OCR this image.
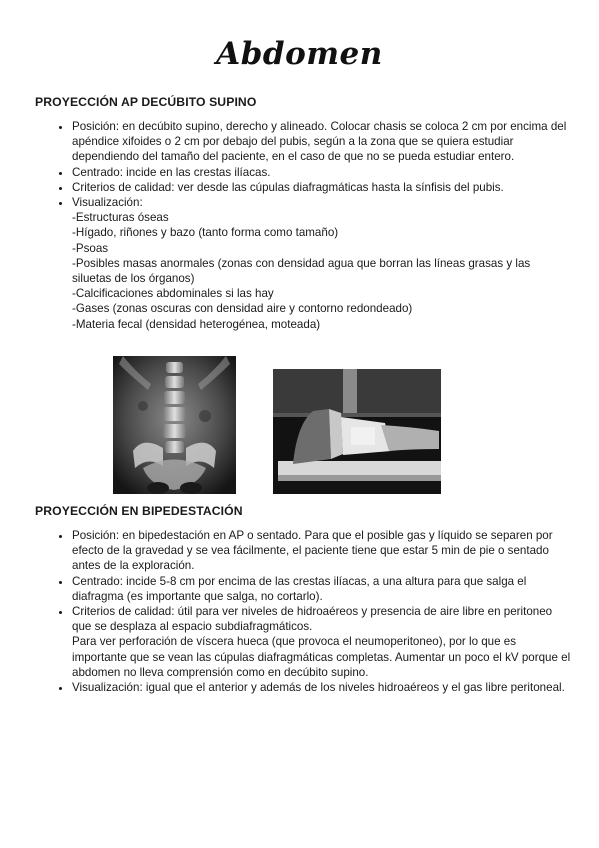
Abdomen
PROYECCIÓN AP DECÚBITO SUPINO
• Posición: en decúbito supino, derecho y alineado. Colocar chasis se coloca 2 cm por encima del apéndice xifoides o 2 cm por debajo del pubis, según a la zona que se quiera estudiar dependiendo del tamaño del paciente, en el caso de que no se pueda estudiar entero.
• Centrado: incide en las crestas ilíacas.
• Criterios de calidad: ver desde las cúpulas diafragmáticas hasta la sínfisis del pubis.
• Visualización:
-Estructuras óseas
-Hígado, riñones y bazo (tanto forma como tamaño)
-Psoas
-Posibles masas anormales (zonas con densidad agua que borran las líneas grasas y las siluetas de los órganos)
-Calcificaciones abdominales si las hay
-Gases (zonas oscuras con densidad aire y contorno redondeado)
-Materia fecal (densidad heterogénea, moteada)
PROYECCIÓN EN BIPEDESTACIÓN
• Posición: en bipedestación en AP o sentado. Para que el posible gas y líquido se separen por efecto de la gravedad y se vea fácilmente, el paciente tiene que estar 5 min de pie o sentado antes de la exploración.
• Centrado: incide 5-8 cm por encima de las crestas ilíacas, a una altura para que salga el diafragma (es importante que salga, no cortarlo).
• Criterios de calidad: útil para ver niveles de hidroaéreos y presencia de aire libre en peritoneo que se desplaza al espacio subdiafragmáticos.
Para ver perforación de víscera hueca (que provoca el neumoperitoneo), por lo que es importante que se vean las cúpulas diafragmáticas completas. Aumentar un poco el kV porque el abdomen no lleva comprensión como en decúbito supino.
• Visualización: igual que el anterior y además de los niveles hidroaéreos y el gas libre peritoneal.
